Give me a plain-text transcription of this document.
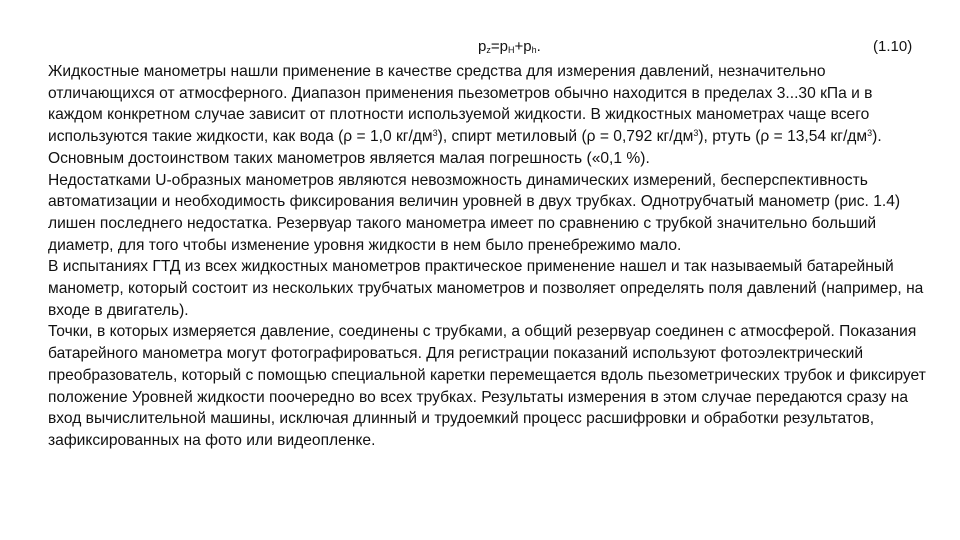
$p_z=p_H+p_h$.	(1.10)

Жидкостные манометры нашли применение в качестве средства для измерения давлений, незначительно отличающихся от атмосферного. Диапазон применения пьезометров обычно находится в пределах 3...30 кПа и в каждом конкретном случае зависит от плотности используемой жидкости. В жидкостных манометрах чаще всего используются такие жидкости, как вода (ρ = 1,0 $кг/дм^3$), спирт метиловый (ρ = 0,792 $кг/дм^3$), ртуть (ρ = 13,54 $кг/дм^3$). Основным достоинством таких манометров является малая погрешность («0,1 %).

Недостатками U-образных манометров являются невозможность динамических измерений, бесперспективность автоматизации и необходимость фиксирования величин уровней в двух трубках. Однотрубчатый манометр (рис. 1.4) лишен последнего недостатка. Резервуар такого манометра имеет по сравнению с трубкой значительно больший диаметр, для того чтобы изменение уровня жидкости в нем было пренебрежимо мало.

В испытаниях ГТД из всех жидкостных манометров практическое применение нашел и так называемый батарейный манометр, который состоит из нескольких трубчатых манометров и позволяет определять поля давлений (например, на входе в двигатель).

Точки, в которых измеряется давление, соединены с трубками, а общий резервуар соединен с атмосферой. Показания батарейного манометра могут фотографироваться. Для регистрации показаний используют фотоэлектрический преобразователь, который с помощью специальной каретки перемещается вдоль пьезометрических трубок и фиксирует положение Уровней жидкости поочередно во всех трубках. Результаты измерения в этом случае передаются сразу на вход вычислительной машины, исключая длинный и трудоемкий процесс расшифровки и обработки результатов, зафиксированных на фото или видеопленке.
